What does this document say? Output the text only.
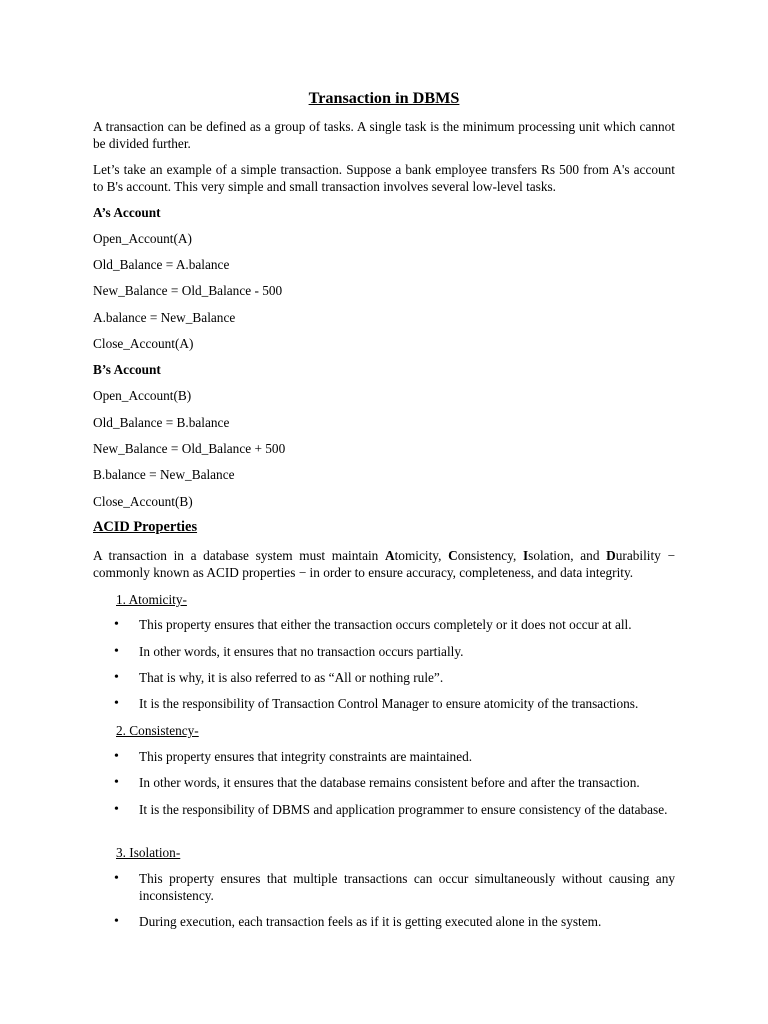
Transaction in DBMS

A transaction can be defined as a group of tasks. A single task is the minimum processing unit which cannot be divided further.

Let’s take an example of a simple transaction. Suppose a bank employee transfers Rs 500 from A's account to B's account. This very simple and small transaction involves several low-level tasks.

A’s Account
Open_Account(A)
Old_Balance = A.balance
New_Balance = Old_Balance - 500
A.balance = New_Balance
Close_Account(A)
B’s Account
Open_Account(B)
Old_Balance = B.balance
New_Balance = Old_Balance + 500
B.balance = New_Balance
Close_Account(B)
ACID Properties

A transaction in a database system must maintain Atomicity, Consistency, Isolation, and Durability − commonly known as ACID properties − in order to ensure accuracy, completeness, and data integrity.

1. Atomicity-
•	This property ensures that either the transaction occurs completely or it does not occur at all.
•	In other words, it ensures that no transaction occurs partially.
•	That is why, it is also referred to as “All or nothing rule”.
•	It is the responsibility of Transaction Control Manager to ensure atomicity of the transactions.
2. Consistency-
•	This property ensures that integrity constraints are maintained.
•	In other words, it ensures that the database remains consistent before and after the transaction.
•	It is the responsibility of DBMS and application programmer to ensure consistency of the database.
3. Isolation-
•	This property ensures that multiple transactions can occur simultaneously without causing any inconsistency.
•	During execution, each transaction feels as if it is getting executed alone in the system.
